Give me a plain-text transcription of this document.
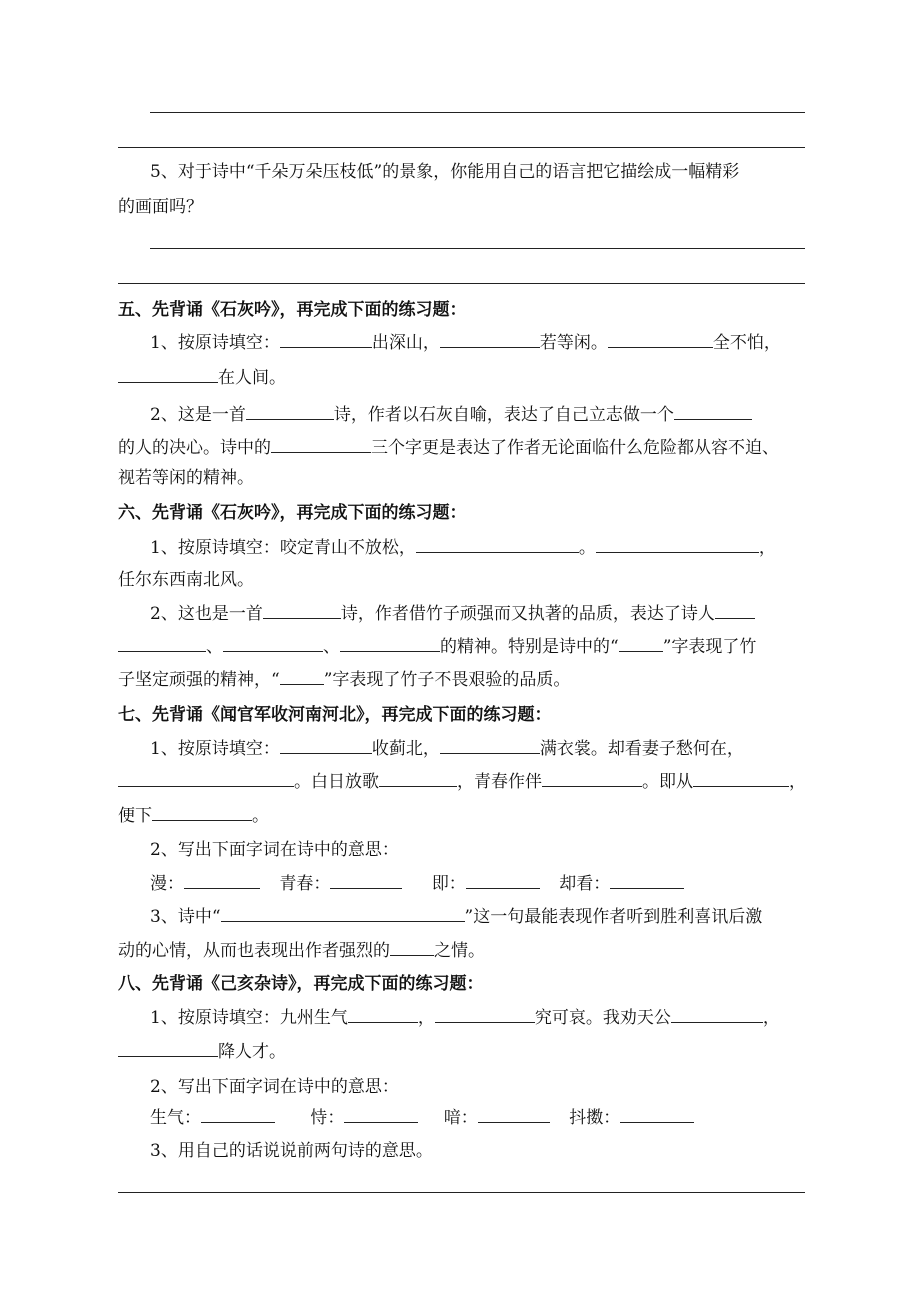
5、对于诗中“千朵万朵压枝低”的景象，你能用自己的语言把它描绘成一幅精彩
的画面吗？
五、先背诵《石灰吟》，再完成下面的练习题：
1、按原诗填空：	出深山，	若等闲。	全不怕，
在人间。
2、这是一首	诗，作者以石灰自喻，表达了自己立志做一个
的人的决心。诗中的	三个字更是表达了作者无论面临什么危险都从容不迫、
视若等闲的精神。
六、先背诵《石灰吟》，再完成下面的练习题：
1、按原诗填空：咬定青山不放松，	。	，
任尔东西南北风。
2、这也是一首	诗，作者借竹子顽强而又执著的品质，表达了诗人
、	、	的精神。特别是诗中的“	”字表现了竹
子坚定顽强的精神，“	”字表现了竹子不畏艰验的品质。
七、先背诵《闻官军收河南河北》，再完成下面的练习题：
1、按原诗填空：	收蓟北，	满衣裳。却看妻子愁何在，
。白日放歌	，青春作伴	。即从	，
便下	。
2、写出下面字词在诗中的意思：
漫：	青春：	即：	却看：
3、诗中“	”这一句最能表现作者听到胜利喜讯后激
动的心情，从而也表现出作者强烈的	之情。
八、先背诵《己亥杂诗》，再完成下面的练习题：
1、按原诗填空：九州生气	，	究可哀。我劝天公	，
降人才。
2、写出下面字词在诗中的意思：
生气：	恃：	喑：	抖擞：
3、用自己的话说说前两句诗的意思。
